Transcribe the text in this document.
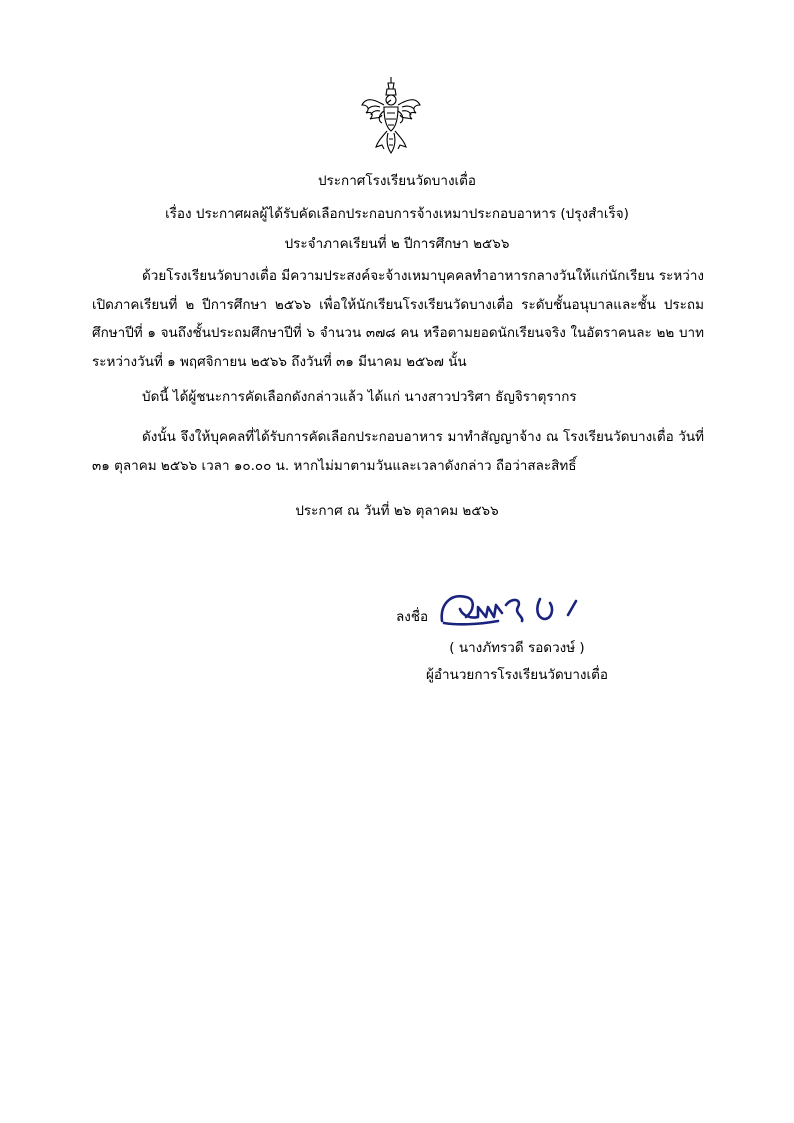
ประกาศโรงเรียนวัดบางเตื่อ
เรื่อง ประกาศผลผู้ได้รับคัดเลือกประกอบการจ้างเหมาประกอบอาหาร (ปรุงสำเร็จ)
ประจำภาคเรียนที่ ๒ ปีการศึกษา ๒๕๖๖

ด้วยโรงเรียนวัดบางเตื่อ มีความประสงค์จะจ้างเหมาบุคคลทำอาหารกลางวันให้แก่นักเรียน ระหว่าง เปิดภาคเรียนที่ ๒ ปีการศึกษา ๒๕๖๖ เพื่อให้นักเรียนโรงเรียนวัดบางเตื่อ ระดับชั้นอนุบาลและชั้น ประถมศึกษาปีที่ ๑ จนถึงชั้นประถมศึกษาปีที่ ๖ จำนวน ๓๗๘ คน หรือตามยอดนักเรียนจริง ในอัตราคนละ ๒๒ บาท ระหว่างวันที่ ๑ พฤศจิกายน ๒๕๖๖ ถึงวันที่ ๓๑ มีนาคม ๒๕๖๗ นั้น

บัดนี้ ได้ผู้ชนะการคัดเลือกดังกล่าวแล้ว ได้แก่ นางสาวปวริศา ธัญจิราตุรากร

ดังนั้น จึงให้บุคคลที่ได้รับการคัดเลือกประกอบอาหาร มาทำสัญญาจ้าง ณ โรงเรียนวัดบางเตื่อ วันที่ ๓๑ ตุลาคม ๒๕๖๖ เวลา ๑๐.๐๐ น. หากไม่มาตามวันและเวลาดังกล่าว ถือว่าสละสิทธิ์

ประกาศ ณ วันที่ ๒๖ ตุลาคม ๒๕๖๖
ลงชื่อ
( นางภัทรวดี รอดวงษ์ )
ผู้อำนวยการโรงเรียนวัดบางเตื่อ
